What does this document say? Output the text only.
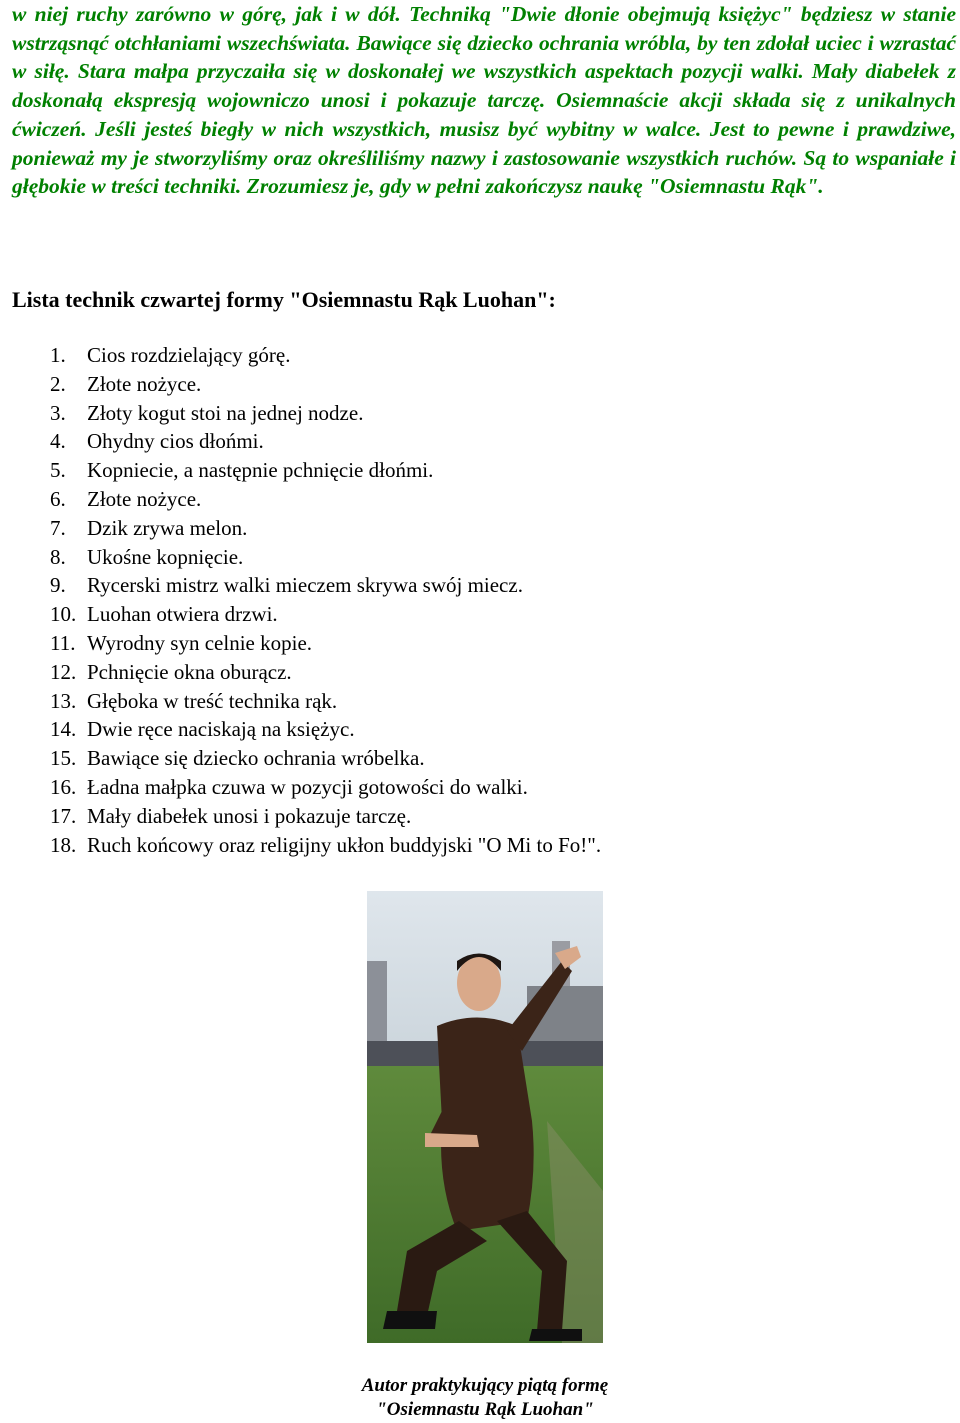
w niej ruchy zarówno w górę, jak i w dół. Techniką "Dwie dłonie obejmują księżyc" będziesz w stanie wstrząsnąć otchłaniami wszechświata. Bawiące się dziecko ochrania wróbla, by ten zdołał uciec i wzrastać w siłę. Stara małpa przyczaiła się w doskonałej we wszystkich aspektach pozycji walki. Mały diabełek z doskonałą ekspresją wojowniczo unosi i pokazuje tarczę. Osiemnaście akcji składa się z unikalnych ćwiczeń. Jeśli jesteś biegły w nich wszystkich, musisz być wybitny w walce. Jest to pewne i prawdziwe, ponieważ my je stworzyliśmy oraz określiliśmy nazwy i zastosowanie wszystkich ruchów. Są to wspaniałe i głębokie w treści techniki. Zrozumiesz je, gdy w pełni zakończysz naukę "Osiemnastu Rąk".

Lista technik czwartej formy "Osiemnastu Rąk Luohan":
1. Cios rozdzielający górę.
2. Złote nożyce.
3. Złoty kogut stoi na jednej nodze.
4. Ohydny cios dłońmi.
5. Kopniecie, a następnie pchnięcie dłońmi.
6. Złote nożyce.
7. Dzik zrywa melon.
8. Ukośne kopnięcie.
9. Rycerski mistrz walki mieczem skrywa swój miecz.
10. Luohan otwiera drzwi.
11. Wyrodny syn celnie kopie.
12. Pchnięcie okna oburącz.
13. Głęboka w treść technika rąk.
14. Dwie ręce naciskają na księżyc.
15. Bawiące się dziecko ochrania wróbelka.
16. Ładna małpka czuwa w pozycji gotowości do walki.
17. Mały diabełek unosi i pokazuje tarczę.
18. Ruch końcowy oraz religijny ukłon buddyjski "O Mi to Fo!".

Autor praktykujący piątą formę
"Osiemnastu Rąk Luohan"
